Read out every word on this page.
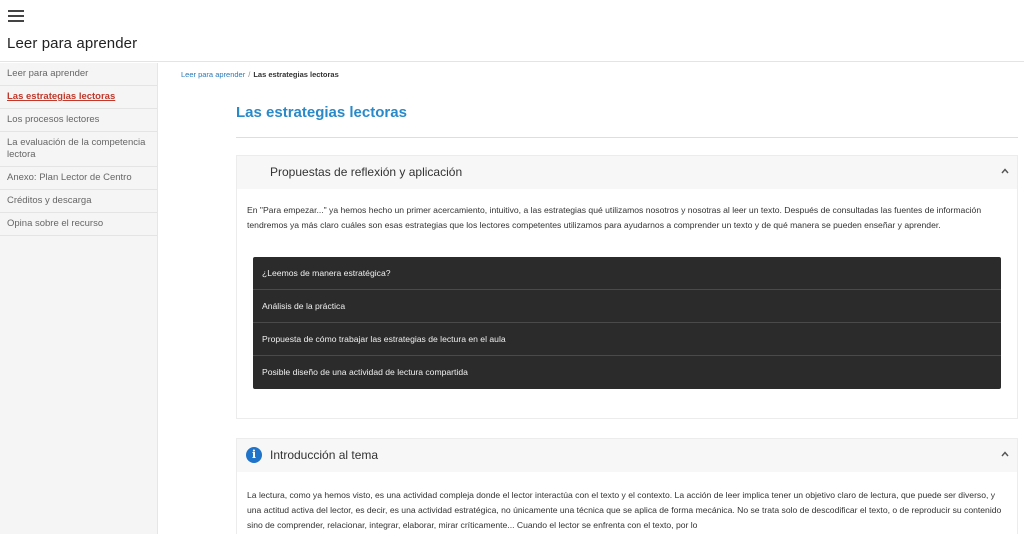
Leer para aprender
Leer para aprender
Las estrategias lectoras
Los procesos lectores
La evaluación de la competencia lectora
Anexo: Plan Lector de Centro
Créditos y descarga
Opina sobre el recurso
Leer para aprender / Las estrategias lectoras
Las estrategias lectoras
Propuestas de reflexión y aplicación

En "Para empezar..." ya hemos hecho un primer acercamiento, intuitivo, a las estrategias qué utilizamos nosotros y nosotras al leer un texto. Después de consultadas las fuentes de información tendremos ya más claro cuáles son esas estrategias que los lectores competentes utilizamos para ayudarnos a comprender un texto y de qué manera se pueden enseñar y aprender.

¿Leemos de manera estratégica?
Análisis de la práctica
Propuesta de cómo trabajar las estrategias de lectura en el aula
Posible diseño de una actividad de lectura compartida
i	Introducción al tema

La lectura, como ya hemos visto, es una actividad compleja donde el lector interactúa con el texto y el contexto. La acción de leer implica tener un objetivo claro de lectura, que puede ser diverso, y una actitud activa del lector, es decir, es una actividad estratégica, no únicamente una técnica que se aplica de forma mecánica. No se trata solo de descodificar el texto, o de reproducir su contenido sino de comprender, relacionar, integrar, elaborar, mirar críticamente... Cuando el lector se enfrenta con el texto, por lo
